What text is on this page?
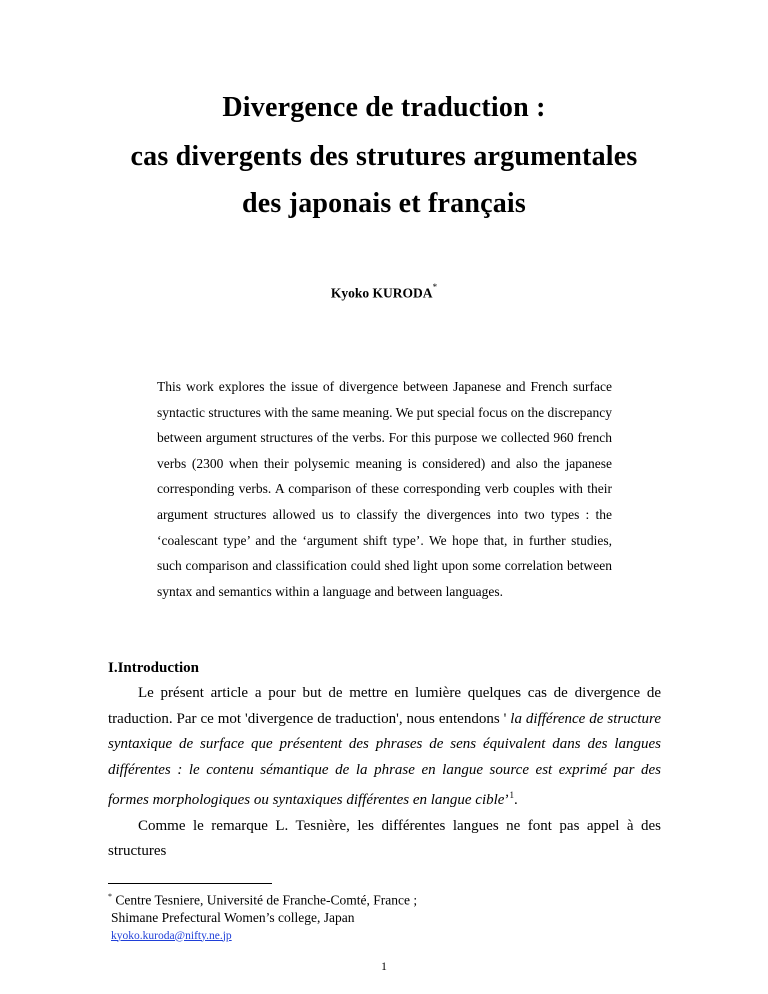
Divergence de traduction :
cas divergents des strutures argumentales
des japonais et français
Kyoko KURODA*
This work explores the issue of divergence between Japanese and French surface syntactic structures with the same meaning. We put special focus on the discrepancy between argument structures of the verbs. For this purpose we collected 960 french verbs (2300 when their polysemic meaning is considered) and also the japanese corresponding verbs. A comparison of these corresponding verb couples with their argument structures allowed us to classify the divergences into two types : the ‘coalescant type’ and the ‘argument shift type’. We hope that, in further studies, such comparison and classification could shed light upon some correlation between syntax and semantics within a language and between languages.
I.Introduction

Le présent article a pour but de mettre en lumière quelques cas de divergence de traduction. Par ce mot 'divergence de traduction', nous entendons ' la différence de structure syntaxique de surface que présentent des phrases de sens équivalent dans des langues différentes : le contenu sémantique de la phrase en langue source est exprimé par des formes morphologiques ou syntaxiques différentes en langue cible’$^1$.

Comme le remarque L. Tesnière, les différentes langues ne font pas appel à des structures

* Centre Tesniere, Université de Franche-Comté, France ;
Shimane Prefectural Women’s college, Japan
kyoko.kuroda@nifty.ne.jp
1
